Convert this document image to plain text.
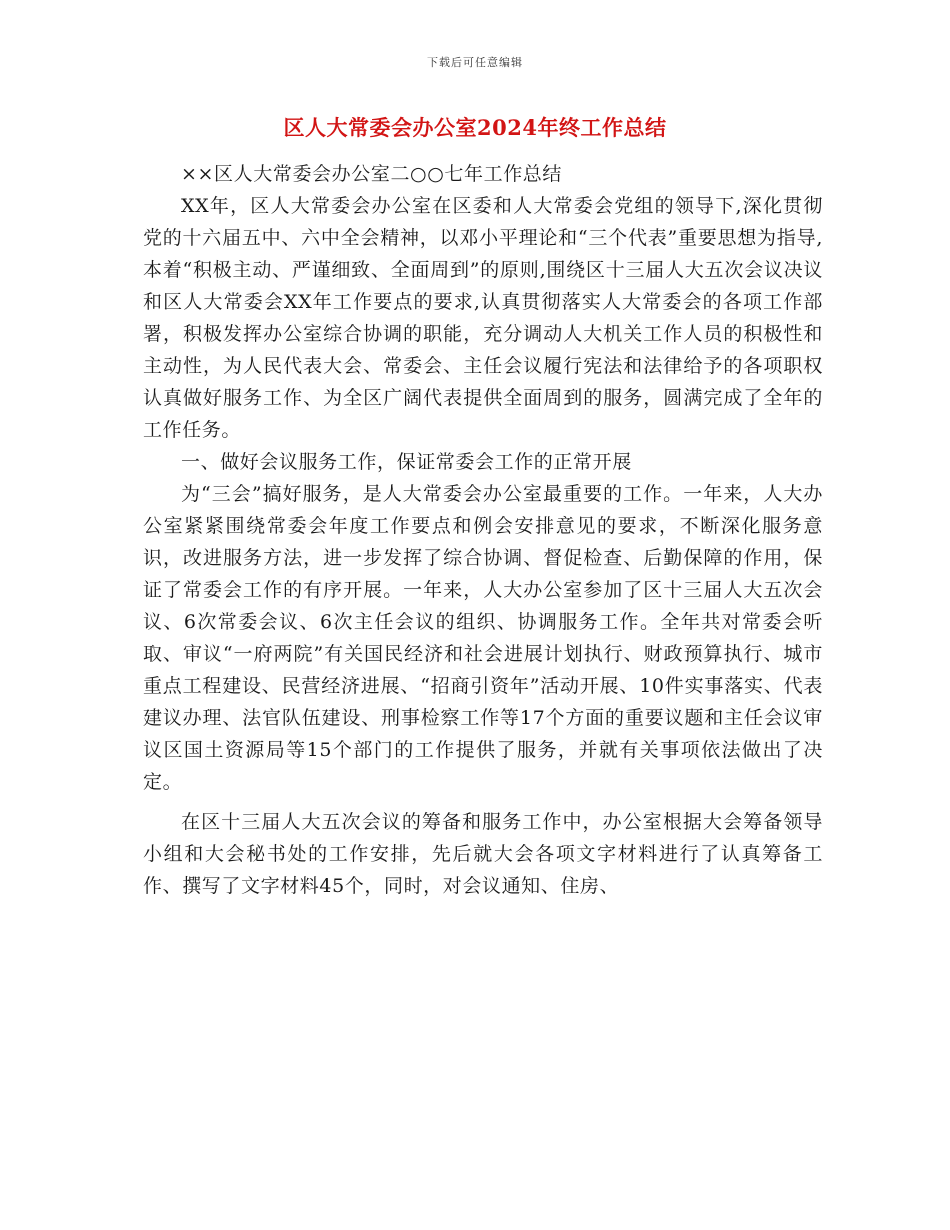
下载后可任意编辑
区人大常委会办公室2024年终工作总结

××区人大常委会办公室二○○七年工作总结

XX年，区人大常委会办公室在区委和人大常委会党组的领导下,深化贯彻党的十六届五中、六中全会精神，以邓小平理论和“三个代表”重要思想为指导,本着“积极主动、严谨细致、全面周到”的原则,围绕区十三届人大五次会议决议和区人大常委会XX年工作要点的要求,认真贯彻落实人大常委会的各项工作部署，积极发挥办公室综合协调的职能，充分调动人大机关工作人员的积极性和主动性，为人民代表大会、常委会、主任会议履行宪法和法律给予的各项职权认真做好服务工作、为全区广阔代表提供全面周到的服务，圆满完成了全年的工作任务。

一、做好会议服务工作，保证常委会工作的正常开展

为“三会”搞好服务，是人大常委会办公室最重要的工作。一年来，人大办公室紧紧围绕常委会年度工作要点和例会安排意见的要求，不断深化服务意识，改进服务方法，进一步发挥了综合协调、督促检查、后勤保障的作用，保证了常委会工作的有序开展。一年来，人大办公室参加了区十三届人大五次会议、6次常委会议、6次主任会议的组织、协调服务工作。全年共对常委会听取、审议“一府两院”有关国民经济和社会进展计划执行、财政预算执行、城市重点工程建设、民营经济进展、“招商引资年”活动开展、10件实事落实、代表建议办理、法官队伍建设、刑事检察工作等17个方面的重要议题和主任会议审议区国土资源局等15个部门的工作提供了服务，并就有关事项依法做出了决定。

在区十三届人大五次会议的筹备和服务工作中，办公室根据大会筹备领导小组和大会秘书处的工作安排，先后就大会各项文字材料进行了认真筹备工作、撰写了文字材料45个，同时，对会议通知、住房、
